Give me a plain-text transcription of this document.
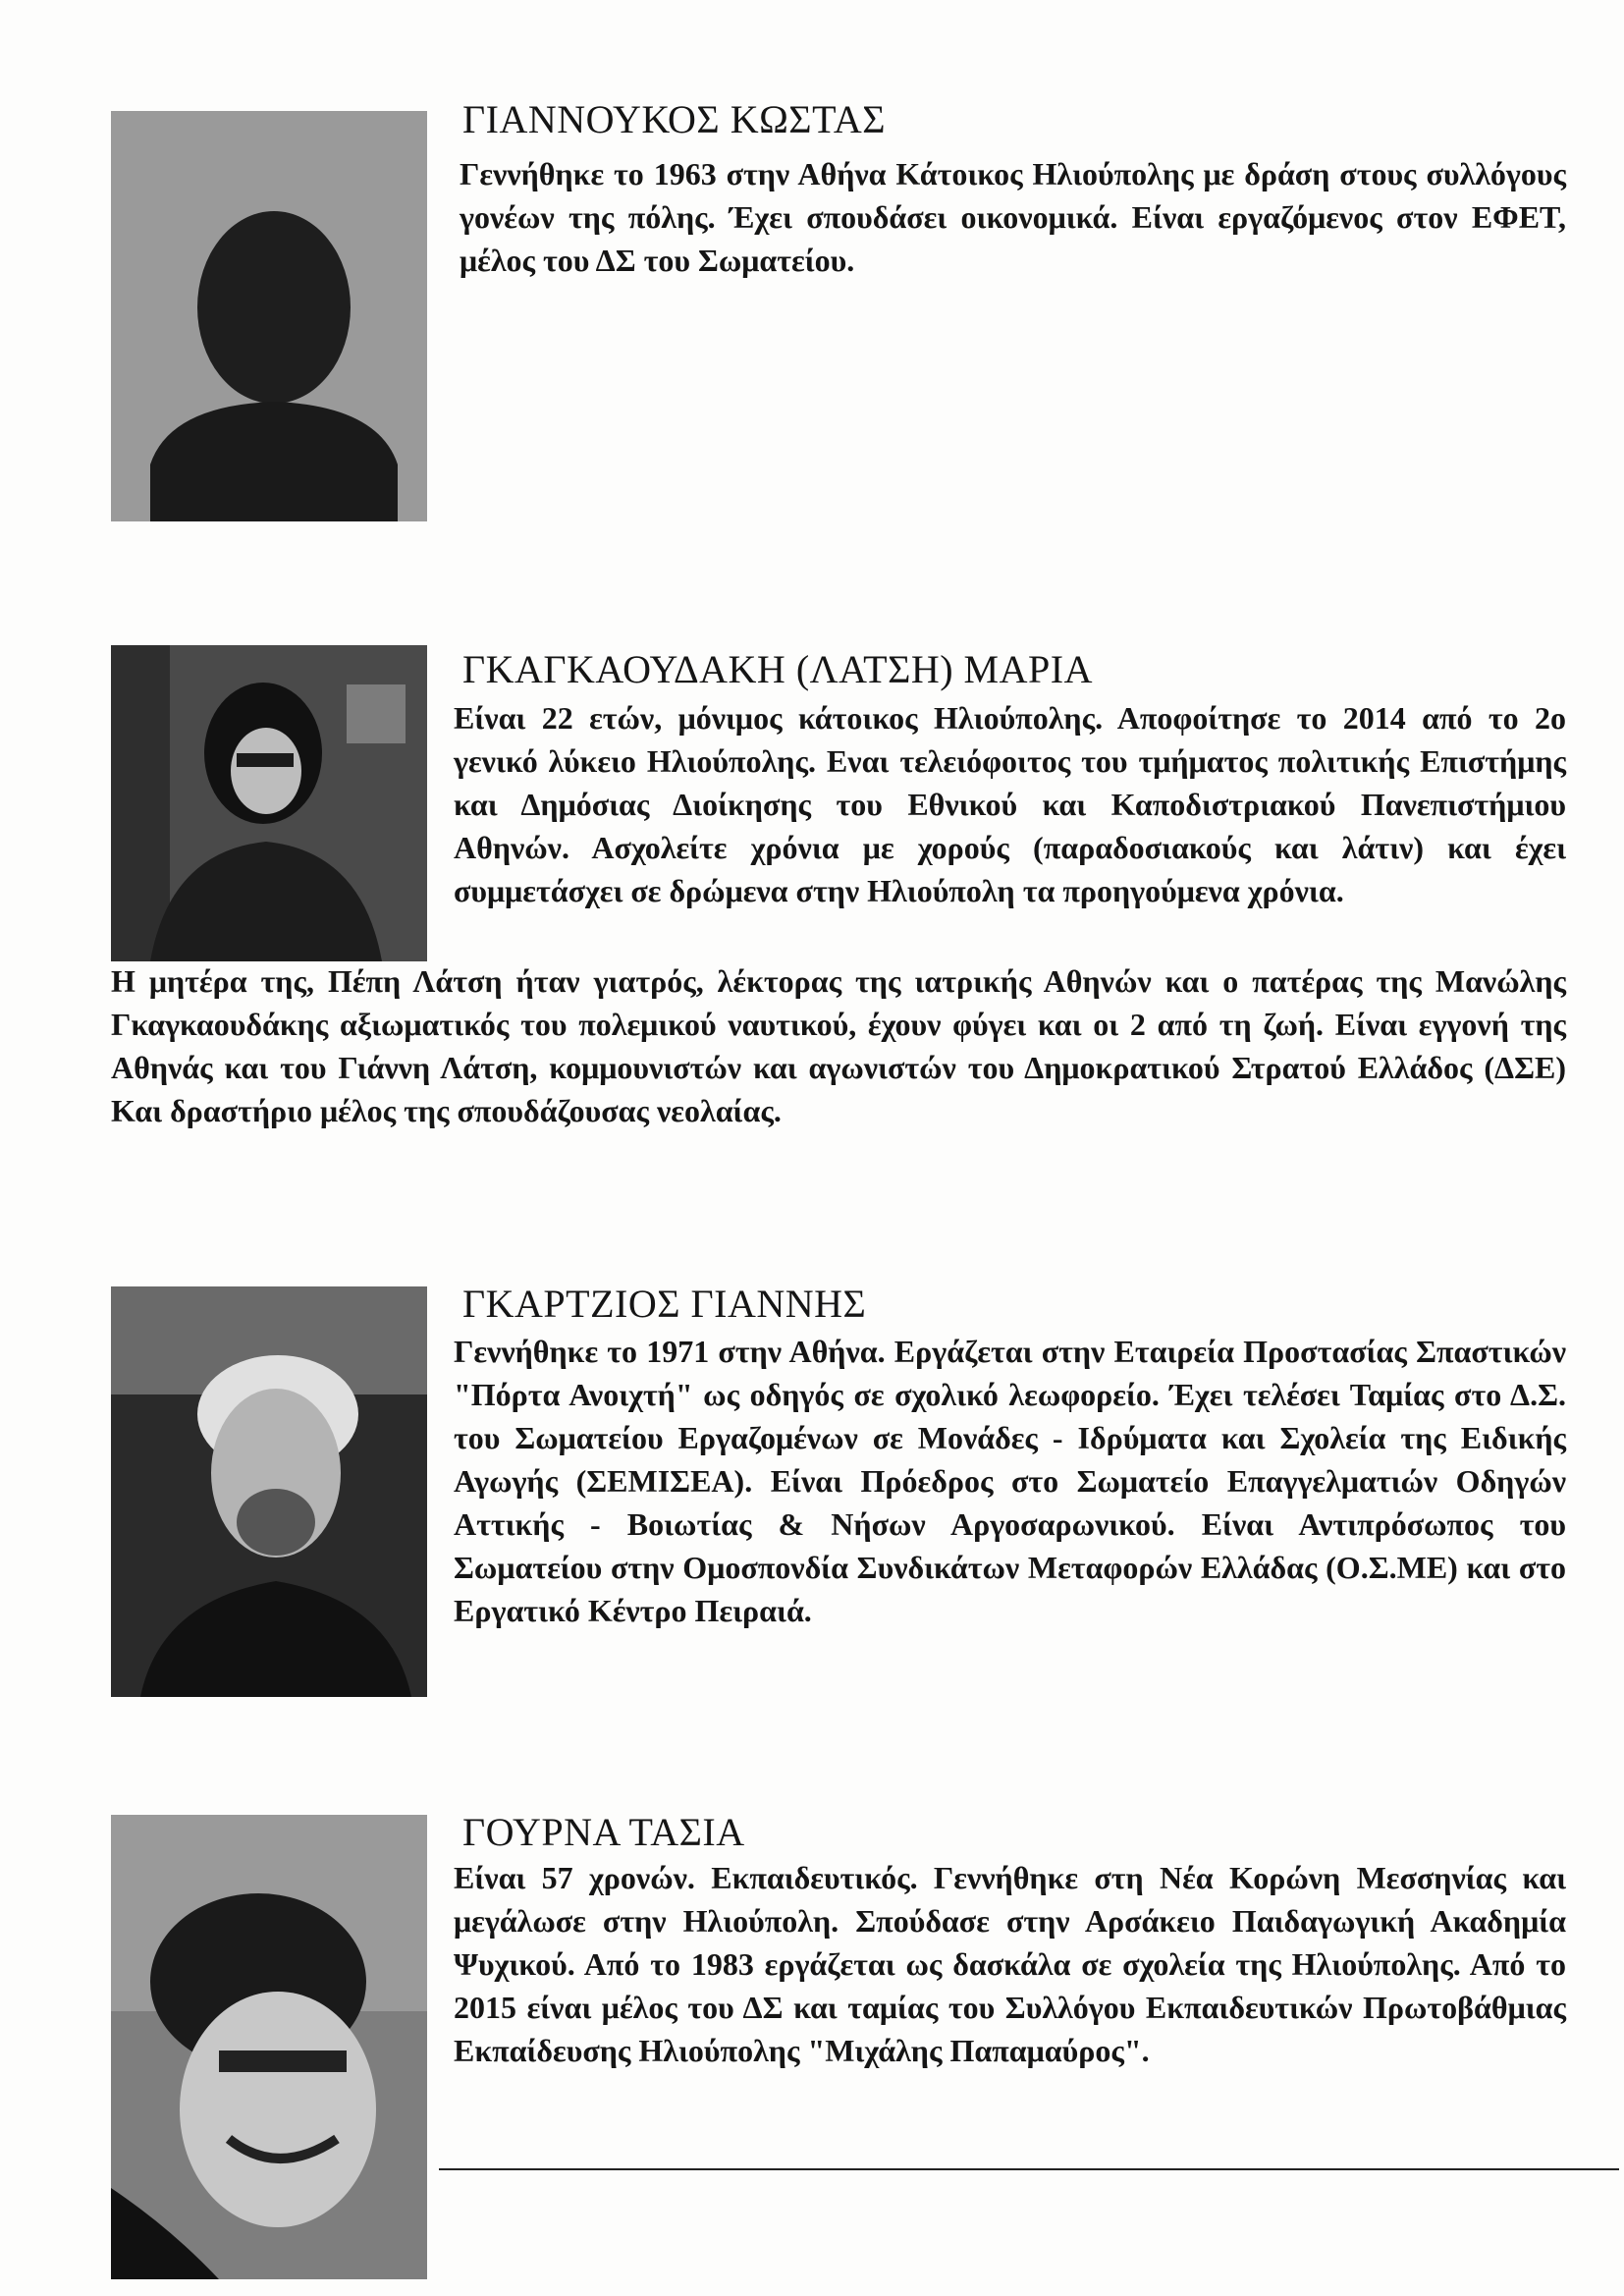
ΓΙΑΝΝΟΥΚΟΣ ΚΩΣΤΑΣ

Γεννήθηκε το 1963 στην Αθήνα Κάτοικος Ηλιούπολης με δράση στους συλλόγους γονέων της πόλης. Έχει σπουδάσει οικονομικά. Είναι εργαζόμενος στον ΕΦΕΤ, μέλος του ΔΣ του Σωματείου.

ΓΚΑΓΚΑΟΥΔΑΚΗ (ΛΑΤΣΗ) ΜΑΡΙΑ

Είναι 22 ετών, μόνιμος κάτοικος Ηλιούπολης. Αποφοίτησε το 2014 από το 2ο γενικό λύκειο Ηλιούπολης. Εναι τελειόφοιτος του τμήματος πολιτικής Επιστήμης και Δημόσιας Διοίκησης του Εθνικού και Καποδιστριακού Πανεπιστήμιου Αθηνών. Ασχολείτε χρόνια με χορούς (παραδοσιακούς και λάτιν) και έχει συμμετάσχει σε δρώμενα στην Ηλιούπολη τα προηγούμενα χρόνια.

Η μητέρα της, Πέπη Λάτση ήταν γιατρός, λέκτορας της ιατρικής Αθηνών και ο πατέρας της Μανώλης Γκαγκαουδάκης αξιωματικός του πολεμικού ναυτικού, έχουν φύγει και οι 2 από τη ζωή. Είναι εγγονή της Αθηνάς και του Γιάννη Λάτση, κομμουνιστών και αγωνιστών του Δημοκρατικού Στρατού Ελλάδος (ΔΣΕ) Και δραστήριο μέλος της σπουδάζουσας νεολαίας.

ΓΚΑΡΤΖΙΟΣ ΓΙΑΝΝΗΣ

Γεννήθηκε το 1971 στην Αθήνα. Εργάζεται στην Εταιρεία Προστασίας Σπαστικών "Πόρτα Ανοιχτή" ως οδηγός σε σχολικό λεωφορείο. Έχει τελέσει Ταμίας στο Δ.Σ. του Σωματείου Εργαζομένων σε Μονάδες - Ιδρύματα και Σχολεία της Ειδικής Αγωγής (ΣΕΜΙΣΕΑ). Είναι Πρόεδρος στο Σωματείο Επαγγελματιών Οδηγών Αττικής - Βοιωτίας & Νήσων Αργοσαρωνικού. Είναι Αντιπρόσωπος του Σωματείου στην Ομοσπονδία Συνδικάτων Μεταφορών Ελλάδας (Ο.Σ.ΜΕ) και στο Εργατικό Κέντρο Πειραιά.

ΓΟΥΡΝΑ ΤΑΣΙΑ

Είναι 57 χρονών. Εκπαιδευτικός. Γεννήθηκε στη Νέα Κορώνη Μεσσηνίας και μεγάλωσε στην Ηλιούπολη. Σπούδασε στην Αρσάκειο Παιδαγωγική Ακαδημία Ψυχικού. Από το 1983 εργάζεται ως δασκάλα σε σχολεία της Ηλιούπολης. Από το 2015 είναι μέλος του ΔΣ και ταμίας του Συλλόγου Εκπαιδευτικών Πρωτοβάθμιας Εκπαίδευσης Ηλιούπολης "Μιχάλης Παπαμαύρος".
